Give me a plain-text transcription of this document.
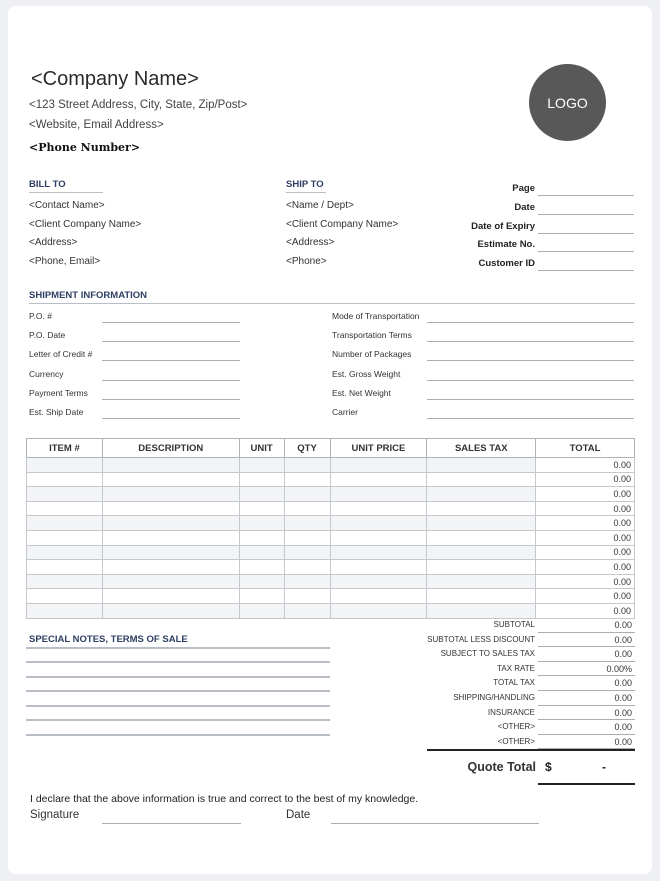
<Company Name>
<123 Street Address, City, State, Zip/Post>
<Website, Email Address>
<Phone Number>
LOGO
BILL TO
<Contact Name>
<Client Company Name>
<Address>
<Phone, Email>
SHIP TO
<Name / Dept>
<Client Company Name>
<Address>
<Phone>
Page
Date
Date of Expiry
Estimate No.
Customer ID
SHIPMENT INFORMATION
P.O. #
P.O. Date
Letter of Credit #
Currency
Payment Terms
Est. Ship Date
Mode of Transportation
Transportation Terms
Number of Packages
Est. Gross Weight
Est. Net Weight
Carrier
ITEM #	DESCRIPTION	UNIT	QTY	UNIT PRICE	SALES TAX	TOTAL
						0.00
						0.00
						0.00
						0.00
						0.00
						0.00
						0.00
						0.00
						0.00
						0.00
						0.00
SPECIAL NOTES, TERMS OF SALE
SUBTOTAL	0.00
SUBTOTAL LESS DISCOUNT	0.00
SUBJECT TO SALES TAX	0.00
TAX RATE	0.00%
TOTAL TAX	0.00
SHIPPING/HANDLING	0.00
INSURANCE	0.00
<OTHER>	0.00
<OTHER>	0.00
Quote Total $	-
I declare that the above information is true and correct to the best of my knowledge.
Signature	Date
